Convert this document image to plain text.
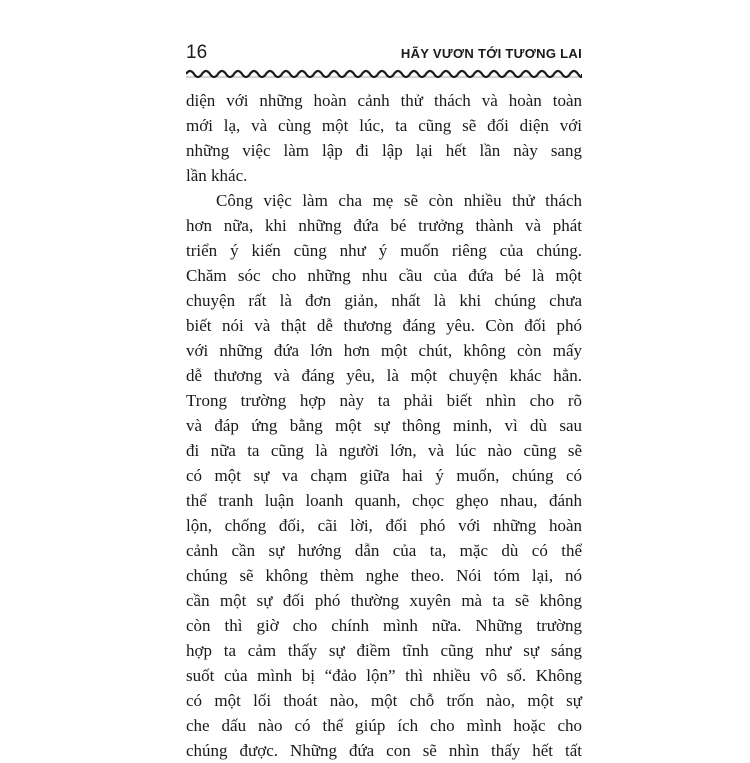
16	HÃY VƯƠN TỚI TƯƠNG LAI
diện với những hoàn cảnh thử thách và hoàn toàn
mới lạ, và cùng một lúc, ta cũng sẽ đối diện với
những việc làm lập đi lập lại hết lần này sang
lần khác.
Công việc làm cha mẹ sẽ còn nhiều thử thách
hơn nữa, khi những đứa bé trưởng thành và phát
triển ý kiến cũng như ý muốn riêng của chúng.
Chăm sóc cho những nhu cầu của đứa bé là một
chuyện rất là đơn giản, nhất là khi chúng chưa
biết nói và thật dễ thương đáng yêu. Còn đối phó
với những đứa lớn hơn một chút, không còn mấy
dễ thương và đáng yêu, là một chuyện khác hẳn.
Trong trường hợp này ta phải biết nhìn cho rõ
và đáp ứng bằng một sự thông minh, vì dù sau
đi nữa ta cũng là người lớn, và lúc nào cũng sẽ
có một sự va chạm giữa hai ý muốn, chúng có
thể tranh luận loanh quanh, chọc ghẹo nhau, đánh
lộn, chống đối, cãi lời, đối phó với những hoàn
cảnh cần sự hướng dẫn của ta, mặc dù có thể
chúng sẽ không thèm nghe theo. Nói tóm lại, nó
cần một sự đối phó thường xuyên mà ta sẽ không
còn thì giờ cho chính mình nữa. Những trường
hợp ta cảm thấy sự điềm tĩnh cũng như sự sáng
suốt của mình bị “đảo lộn” thì nhiều vô số. Không
có một lối thoát nào, một chỗ trốn nào, một sự
che dấu nào có thể giúp ích cho mình hoặc cho
chúng được. Những đứa con sẽ nhìn thấy hết tất
